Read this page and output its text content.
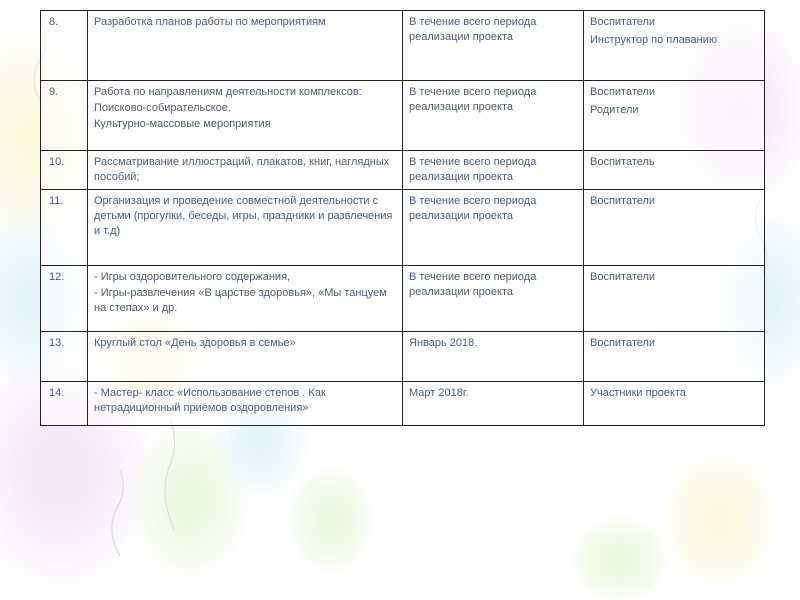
8.	Разработка планов работы по мероприятиям	В течение всего периода реализации проекта	Воспитатели
Инструктор по плаванию

9.	Работа по направлениям деятельности комплексов:
Поисково-собирательское.
Культурно-массовые мероприятия	В течение всего периода реализации проекта	Воспитатели
Родители

10.	Рассматривание иллюстраций, плакатов, книг, наглядных пособий;	В течение всего периода реализации проекта	Воспитатель

11.	Организация и проведение совместной деятельности с детьми (прогулки, беседы, игры, праздники и развлечения и т.д)	В течение всего периода реализации проекта	Воспитатели

12.	- Игры оздоровительного содержания,
- Игры-развлечения «В царстве здоровья», «Мы танцуем на степах» и др.	В течение всего периода реализации проекта	Воспитатели

13.	Круглый стол «День здоровья в семье»	Январь 2018.	Воспитатели

14.	- Мастер- класс «Использование степов . Как нетрадиционный приёмов оздоровления»	Март 2018г.	Участники проекта
